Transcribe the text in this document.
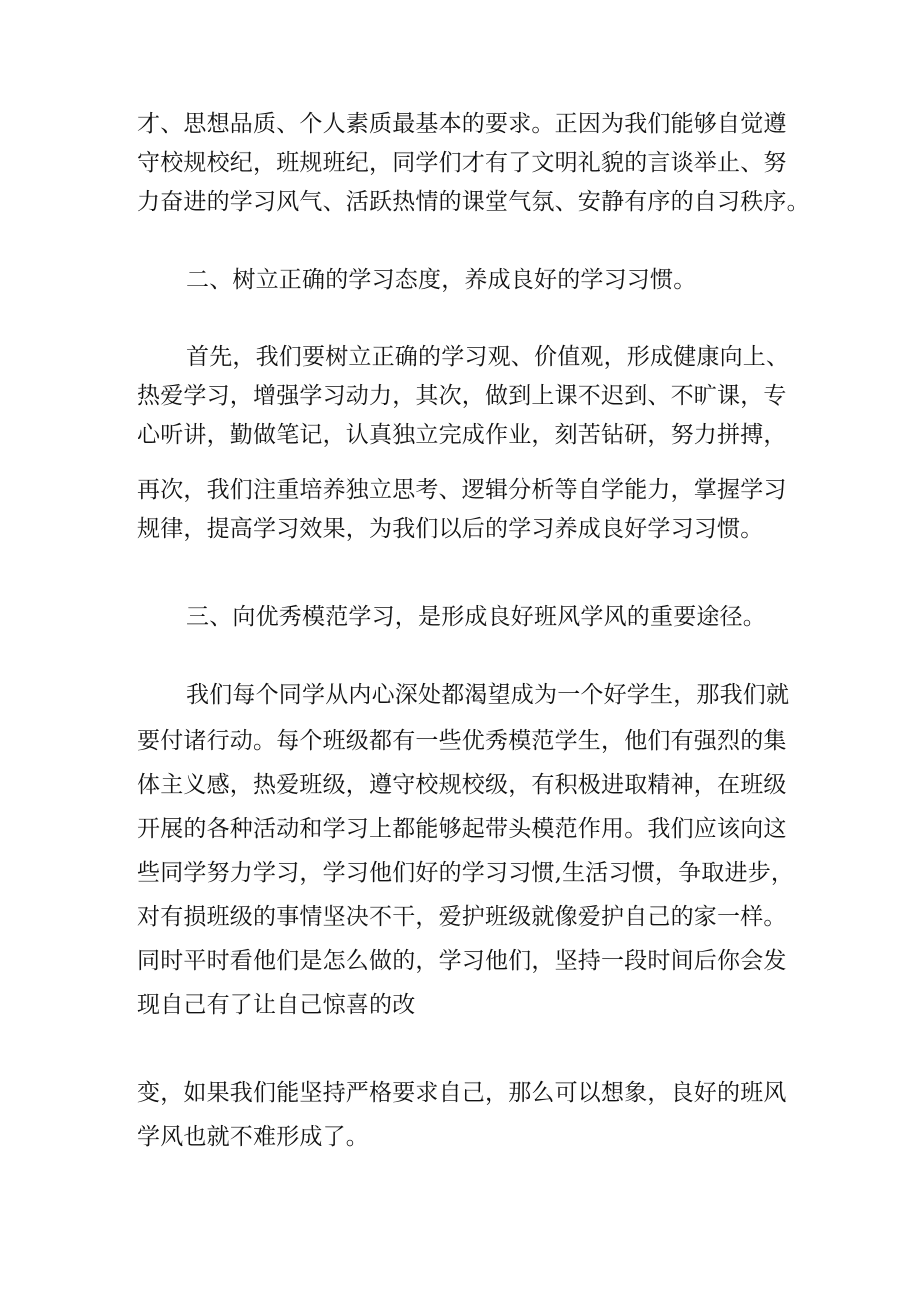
才、思想品质、个人素质最基本的要求。正因为我们能够自觉遵
守校规校纪，班规班纪，同学们才有了文明礼貌的言谈举止、努
力奋进的学习风气、活跃热情的课堂气氛、安静有序的自习秩序。
二、树立正确的学习态度，养成良好的学习习惯。
首先，我们要树立正确的学习观、价值观，形成健康向上、
热爱学习，增强学习动力，其次，做到上课不迟到、不旷课，专
心听讲，勤做笔记，认真独立完成作业，刻苦钻研，努力拼搏，
再次，我们注重培养独立思考、逻辑分析等自学能力，掌握学习
规律，提高学习效果，为我们以后的学习养成良好学习习惯。
三、向优秀模范学习，是形成良好班风学风的重要途径。
我们每个同学从内心深处都渴望成为一个好学生，那我们就
要付诸行动。每个班级都有一些优秀模范学生，他们有强烈的集
体主义感，热爱班级，遵守校规校级，有积极进取精神，在班级
开展的各种活动和学习上都能够起带头模范作用。我们应该向这
些同学努力学习，学习他们好的学习习惯,生活习惯，争取进步，
对有损班级的事情坚决不干，爱护班级就像爱护自己的家一样。
同时平时看他们是怎么做的，学习他们，坚持一段时间后你会发
现自己有了让自己惊喜的改
变，如果我们能坚持严格要求自己，那么可以想象，良好的班风
学风也就不难形成了。
